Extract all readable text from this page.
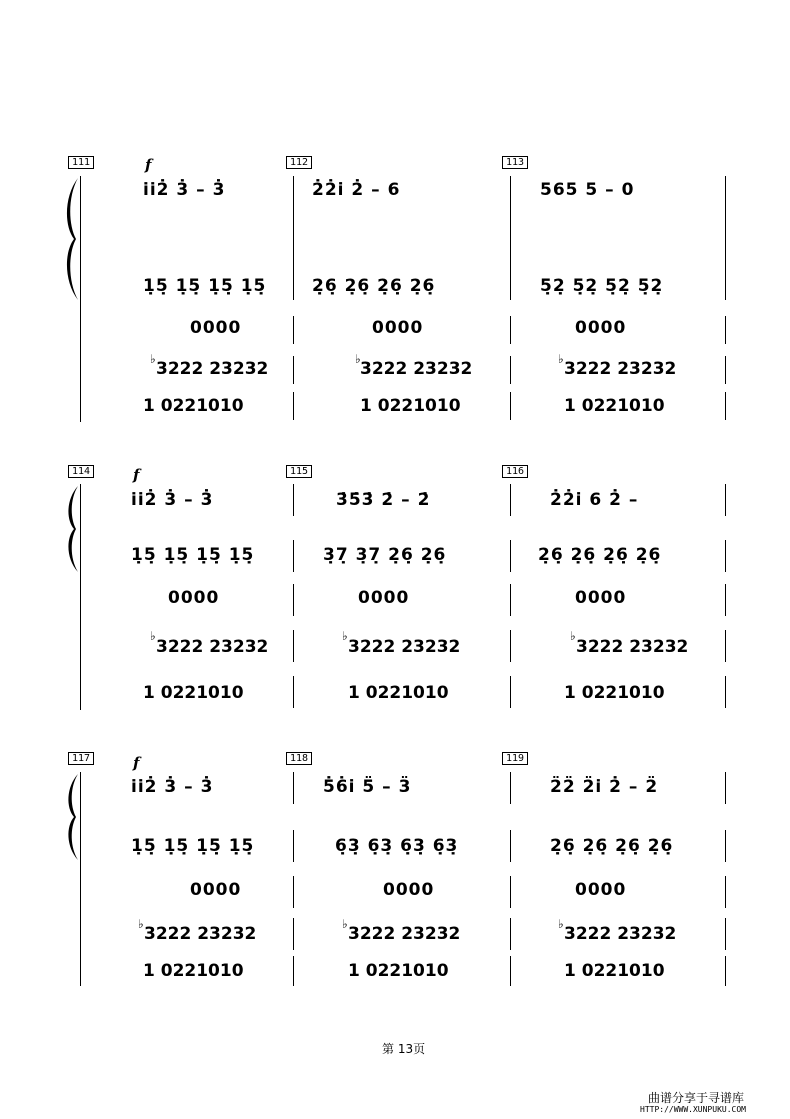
111	f
i̇i̇2̇ 3̇ – 3̇
1̣5̣ 1̣5̣ 1̣5̣ 1̣5̣
0000
♭ 3222 23232
1 0221010
112
2̇2̇i̇ 2̇ – 6
2̣6̣ 2̣6̣ 2̣6̣ 2̣6̣
0000
♭ 3222 23232
1 0221010
113
565 5 – 0
5̣2̣ 5̣2̣ 5̣2̣ 5̣2̣
0000
♭ 3222 23232
1 0221010
114	f
i̇i̇2̇ 3̇ – 3̇
1̣5̣ 1̣5̣ 1̣5̣ 1̣5̣
0000
♭
3222 23232
1 0221010
115
3̇5̇3̇ 2̇ – 2̇
3̣7̣ 3̣7̣ 2̣6̣ 2̣6̣
0000
♭
3222 23232
1 0221010
116
2̇2̇i̇ 6 2̇ –
2̣6̣ 2̣6̣ 2̣6̣ 2̣6̣
0000
♭
3222 23232
1 0221010
117	f
i̇i̇2̇ 3̇ – 3̇
1̣5̣ 1̣5̣ 1̣5̣ 1̣5̣
0000
♭ 3222 23232
1 0221010
118
5̇6̇i̇ 5̈ – 3̈
6̣3̣ 6̣3̣ 6̣3̣ 6̣3̣
0000
♭ 3222 23232
1 0221010
119
2̈2̈ 2̈i̇ 2̇ – 2̈
2̣6̣ 2̣6̣ 2̣6̣ 2̣6̣
0000
♭ 3222 23232
1 0221010
第 13页
曲谱分享于寻谱库
HTTP://WWW.XUNPUKU.COM
